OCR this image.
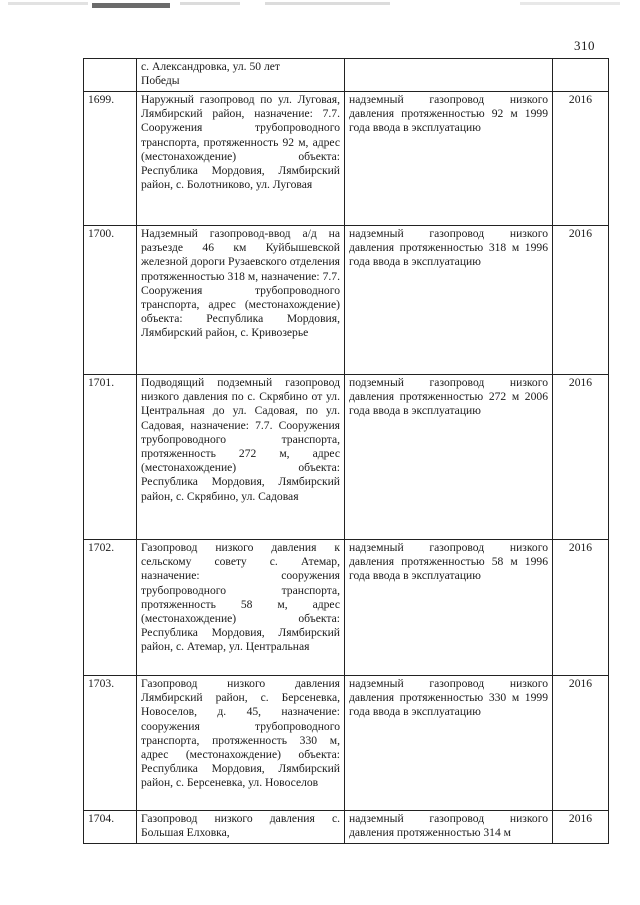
310

	с. Александровка, ул. 50 лет
Победы		

1699.	Наружный газопровод по ул. Луговая, Лямбирский район, назначение: 7.7. Сооружения трубопроводного транспорта, протяженность 92 м, адрес (местонахождение) объекта: Республика Мордовия, Лямбирский район, с. Болотниково, ул. Луговая	надземный газопровод низкого давления протяженностью 92 м 1999 года ввода в эксплуатацию	2016
1700.	Надземный газопровод-ввод а/д на разъезде 46 км Куйбышевской железной дороги Рузаевского отделения протяженностью 318 м, назначение: 7.7. Сооружения трубопроводного транспорта, адрес (местонахождение) объекта: Республика Мордовия, Лямбирский район, с. Кривозерье	надземный газопровод низкого давления протяженностью 318 м 1996 года ввода в эксплуатацию	2016
1701.	Подводящий подземный газопровод низкого давления по с. Скрябино от ул. Центральная до ул. Садовая, по ул. Садовая, назначение: 7.7. Сооружения трубопроводного транспорта, протяженность 272 м, адрес (местонахождение) объекта: Республика Мордовия, Лямбирский район, с. Скрябино, ул. Садовая	подземный газопровод низкого давления протяженностью 272 м 2006 года ввода в эксплуатацию	2016
1702.	Газопровод низкого давления к сельскому совету с. Атемар, назначение: сооружения трубопроводного транспорта, протяженность 58 м, адрес (местонахождение) объекта: Республика Мордовия, Лямбирский район, с. Атемар, ул. Центральная	надземный газопровод низкого давления протяженностью 58 м 1996 года ввода в эксплуатацию	2016
1703.	Газопровод низкого давления Лямбирский район, с. Берсеневка, Новоселов, д. 45, назначение: сооружения трубопроводного транспорта, протяженность 330 м, адрес (местонахождение) объекта: Республика Мордовия, Лямбирский район, с. Берсеневка, ул. Новоселов	надземный газопровод низкого давления протяженностью 330 м 1999 года ввода в эксплуатацию	2016
1704.	Газопровод низкого давления с. Большая Елховка,	надземный газопровод низкого давления протяженностью 314 м	2016
